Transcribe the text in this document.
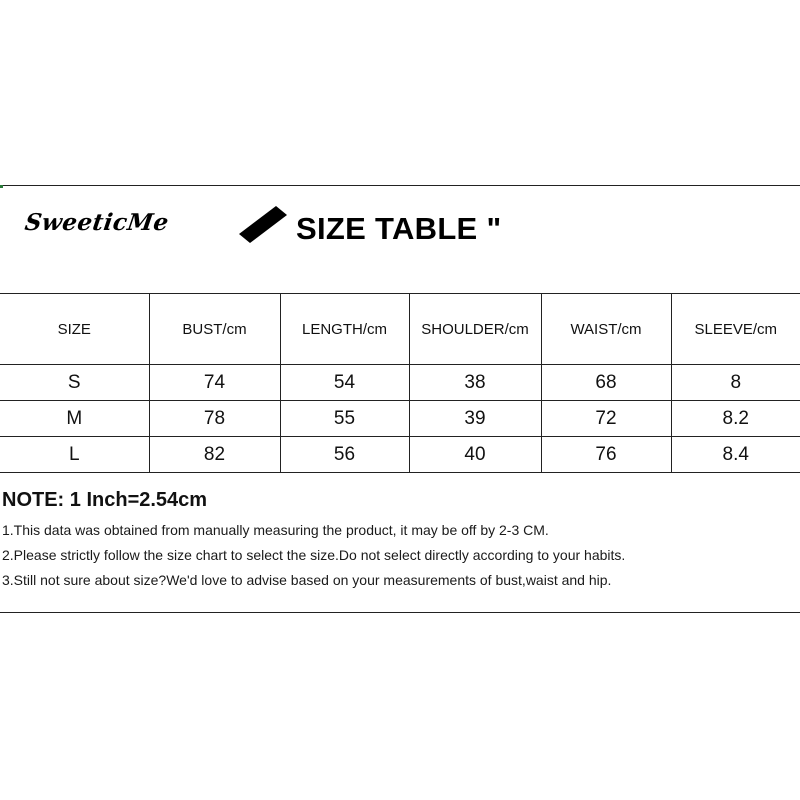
SweeticMe	SIZE TABLE "
SIZE	BUST/cm	LENGTH/cm	SHOULDER/cm	WAIST/cm	SLEEVE/cm
S	74	54	38	68	8
M	78	55	39	72	8.2
L	82	56	40	76	8.4
NOTE: 1 Inch=2.54cm
1.This data was obtained from manually measuring the product, it may be off by 2-3 CM.
2.Please strictly follow the size chart to select the size.Do not select directly according to your habits.
3.Still not sure about size?We'd love to advise based on your measurements of bust,waist and hip.
